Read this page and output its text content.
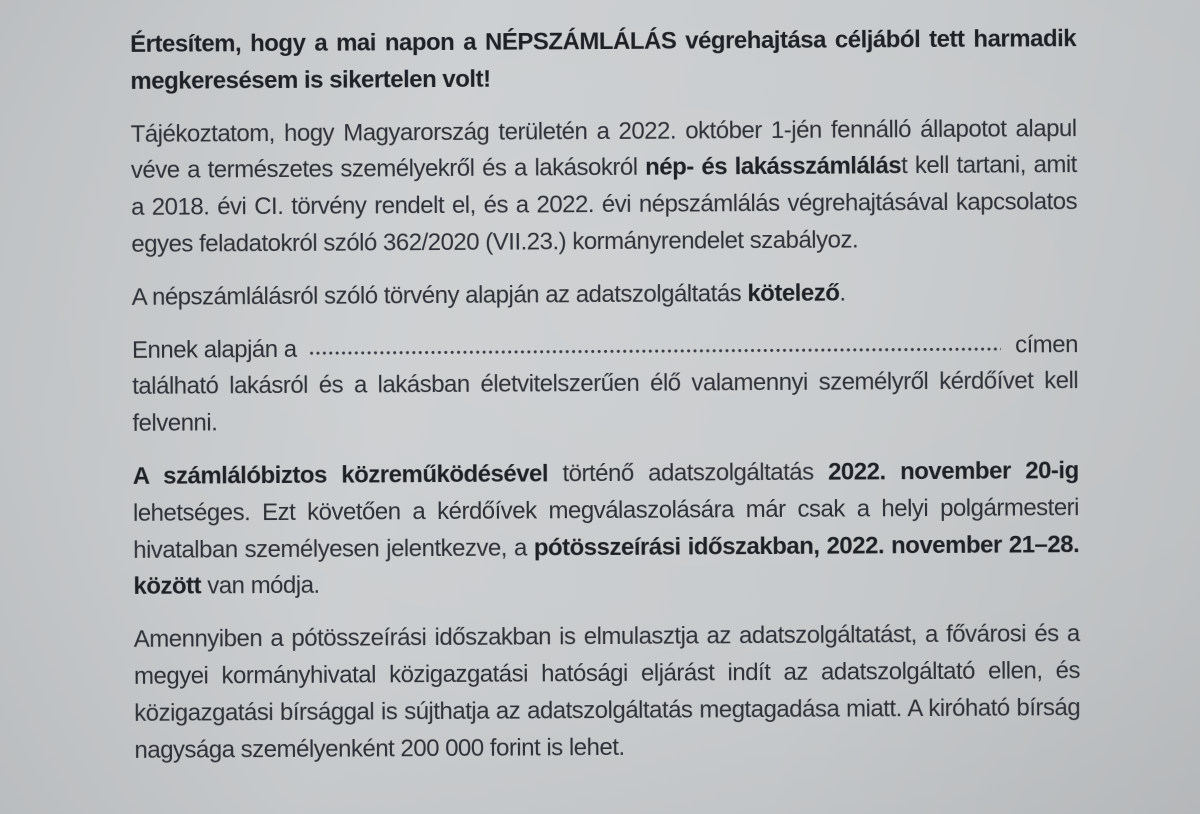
Értesítem, hogy a mai napon a NÉPSZÁMLÁLÁS végrehajtása céljából tett harmadik megkeresésem is sikertelen volt!

Tájékoztatom, hogy Magyarország területén a 2022. október 1-jén fennálló állapotot alapul véve a természetes személyekről és a lakásokról nép- és lakásszámlálást kell tartani, amit a 2018. évi CI. törvény rendelt el, és a 2022. évi népszámlálás végrehajtásával kapcsolatos egyes feladatokról szóló 362/2020 (VII.23.) kormányrendelet szabályoz.

A népszámlálásról szóló törvény alapján az adatszolgáltatás kötelező.

Ennek alapján a	címen
található lakásról és a lakásban életvitelszerűen élő valamennyi személyről kérdőívet kell felvenni.

A számlálóbiztos közreműködésével történő adatszolgáltatás 2022. november 20-ig lehetséges. Ezt követően a kérdőívek megválaszolására már csak a helyi polgármesteri hivatalban személyesen jelentkezve, a pótösszeírási időszakban, 2022. november 21–28. között van módja.

Amennyiben a pótösszeírási időszakban is elmulasztja az adatszolgáltatást, a fővárosi és a megyei kormányhivatal közigazgatási hatósági eljárást indít az adatszolgáltató ellen, és közigazgatási bírsággal is sújthatja az adatszolgáltatás megtagadása miatt. A kiróható bírság nagysága személyenként 200 000 forint is lehet.
